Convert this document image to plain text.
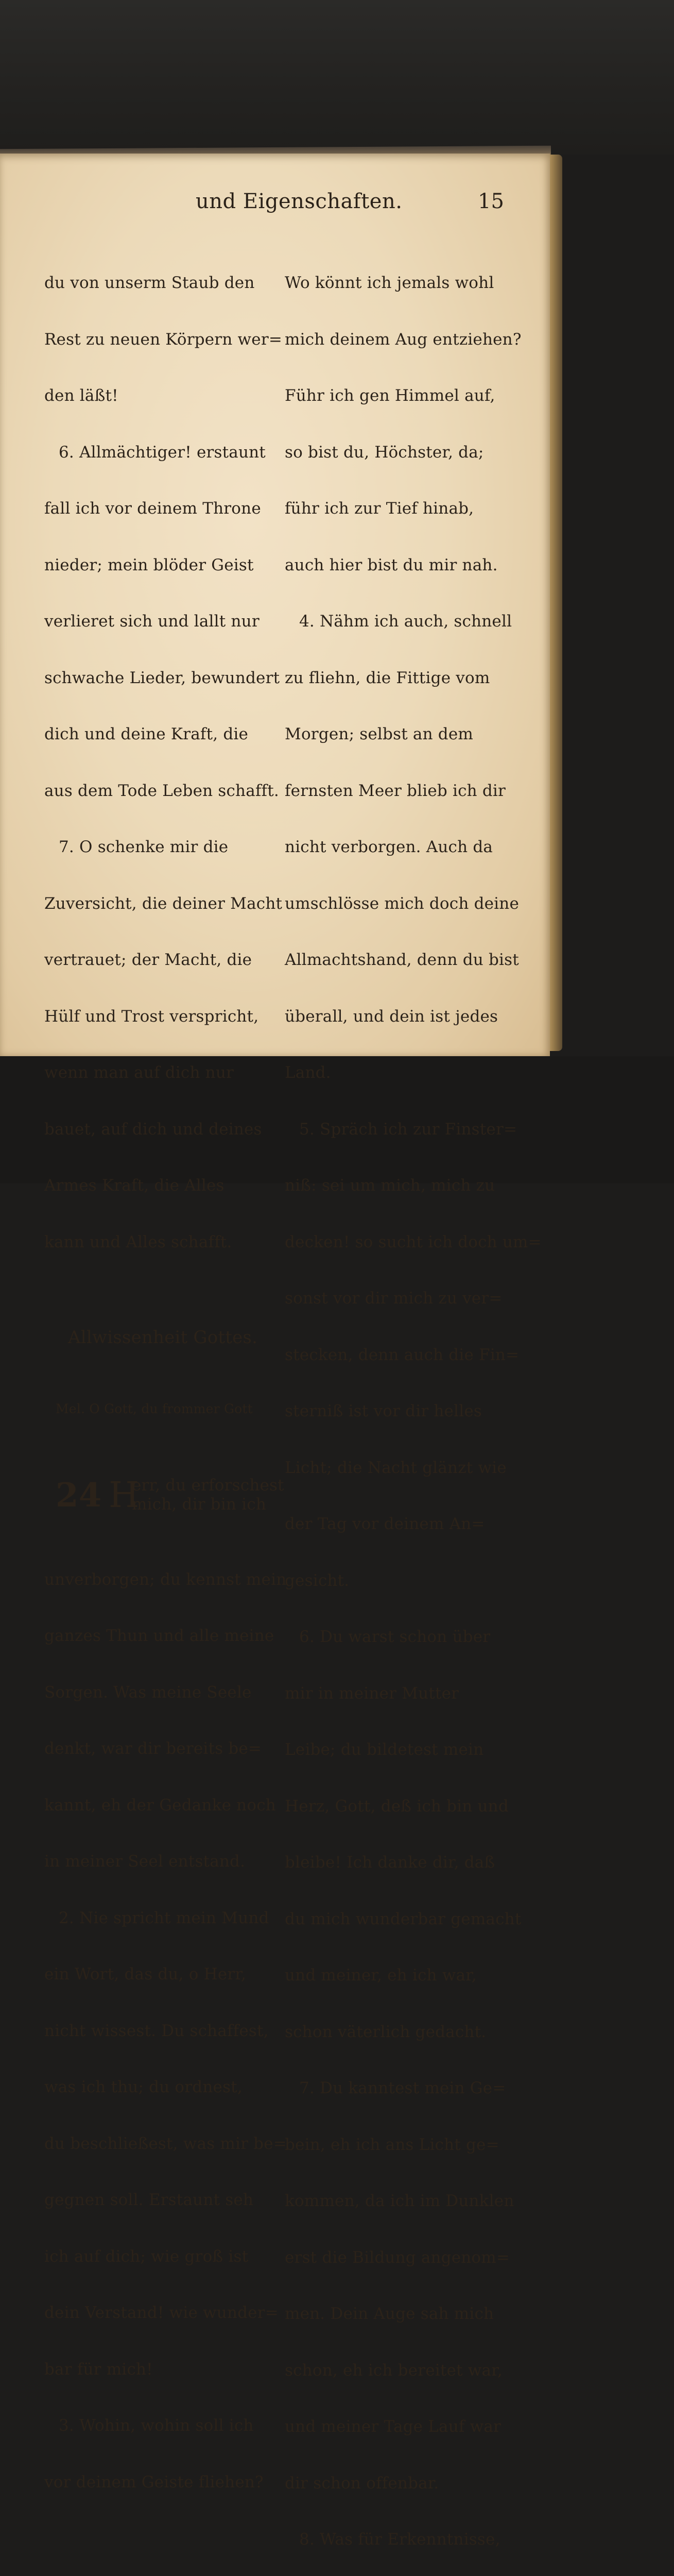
und Eigenschaften.	15

du von unserm Staub den

Rest zu neuen Körpern wer=

den läßt!

6. Allmächtiger! erstaunt

fall ich vor deinem Throne

nieder; mein blöder Geist

verlieret sich und lallt nur

schwache Lieder, bewundert

dich und deine Kraft, die

aus dem Tode Leben schafft.

7. O schenke mir die

Zuversicht, die deiner Macht

vertrauet; der Macht, die

Hülf und Trost verspricht,

wenn man auf dich nur

bauet, auf dich und deines

Armes Kraft, die Alles

kann und Alles schafft.

Allwissenheit Gottes.

Mel. O Gott, du frommer Gott

24

H

err, du erforschest

mich, dir bin ich

unverborgen; du kennst mein

ganzes Thun und alle meine

Sorgen. Was meine Seele

denkt, war dir bereits be=

kannt, eh der Gedanke noch

in meiner Seel entstand.

2. Nie spricht mein Mund

ein Wort, das du, o Herr,

nicht wissest. Du schaffest,

was ich thu; du ordnest,

du beschließest, was mir be=

gegnen soll. Erstaunt seh

ich auf dich; wie groß ist

dein Verstand! wie wunder=

bar für mich!

3. Wohin, wohin soll ich

vor deinem Geiste fliehen?

Wo könnt ich jemals wohl

mich deinem Aug entziehen?

Führ ich gen Himmel auf,

so bist du, Höchster, da;

führ ich zur Tief hinab,

auch hier bist du mir nah.

4. Nähm ich auch, schnell

zu fliehn, die Fittige vom

Morgen; selbst an dem

fernsten Meer blieb ich dir

nicht verborgen. Auch da

umschlösse mich doch deine

Allmachtshand, denn du bist

überall, und dein ist jedes

Land.

5. Spräch ich zur Finster=

niß: sei um mich, mich zu

decken! so sucht ich doch um=

sonst vor dir mich zu ver=

stecken, denn auch die Fin=

sterniß ist vor dir helles

Licht; die Nacht glänzt wie

der Tag vor deinem An=

gesicht.

6. Du warst schon über

mir in meiner Mutter

Leibe; du bildetest mein

Herz, Gott, deß ich bin und

bleibe! Ich danke dir, daß

du mich wunderbar gemacht

und meiner, eh ich war,

schon väterlich gedacht.

7. Du kanntest mein Ge=

bein, eh ich ans Licht ge=

kommen, da ich im Dunklen

erst die Bildung angenom=

men. Dein Auge sah mich

schon, eh ich bereitet war,

und meiner Tage Lauf war

dir schon offenbar.

8. Was für Erkenntnisse,
